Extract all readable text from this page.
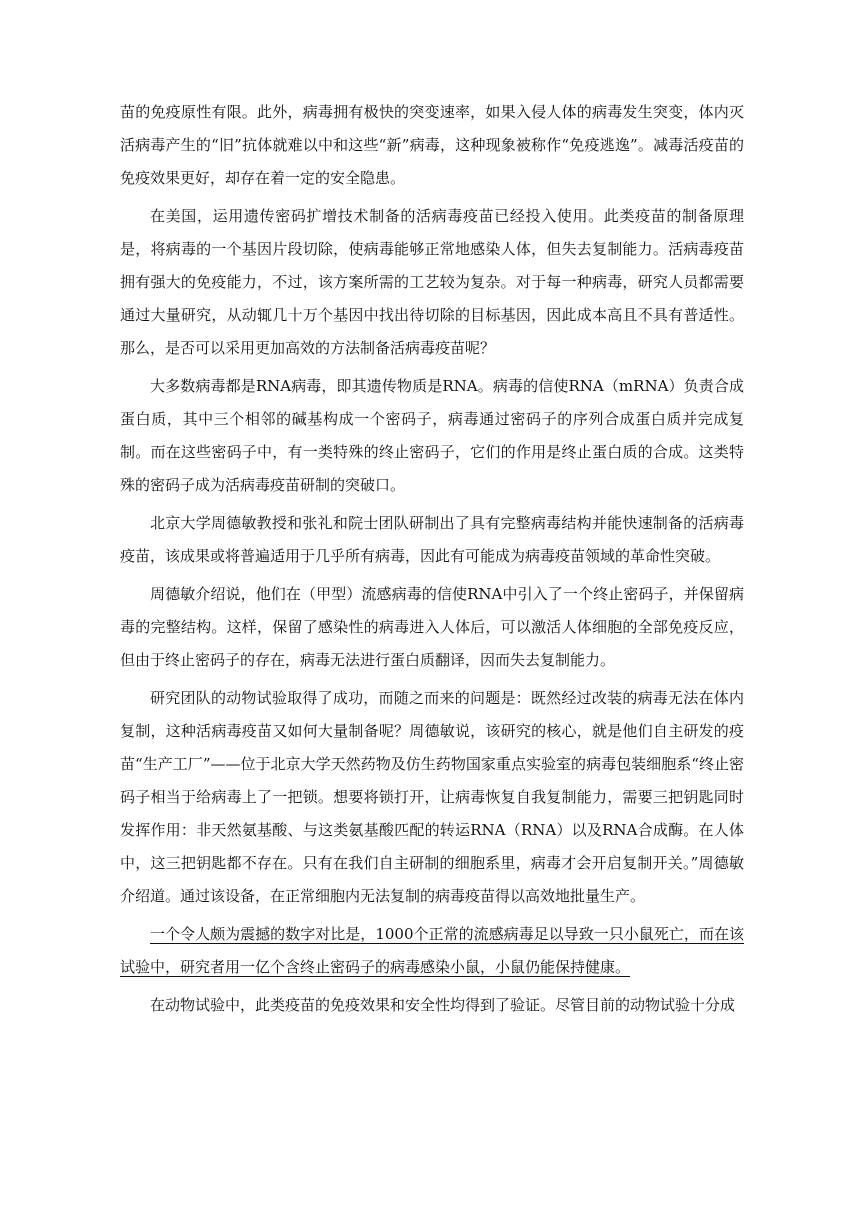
苗的免疫原性有限。此外，病毒拥有极快的突变速率，如果入侵人体的病毒发生突变，体内灭活病毒产生的“旧”抗体就难以中和这些“新”病毒，这种现象被称作“免疫逃逸”。减毒活疫苗的免疫效果更好，却存在着一定的安全隐患。

在美国，运用遗传密码扩增技术制备的活病毒疫苗已经投入使用。此类疫苗的制备原理是，将病毒的一个基因片段切除，使病毒能够正常地感染人体，但失去复制能力。活病毒疫苗拥有强大的免疫能力，不过，该方案所需的工艺较为复杂。对于每一种病毒，研究人员都需要通过大量研究，从动辄几十万个基因中找出待切除的目标基因，因此成本高且不具有普适性。那么，是否可以采用更加高效的方法制备活病毒疫苗呢？

大多数病毒都是RNA病毒，即其遗传物质是RNA。病毒的信使RNA（mRNA）负责合成蛋白质，其中三个相邻的碱基构成一个密码子，病毒通过密码子的序列合成蛋白质并完成复制。而在这些密码子中，有一类特殊的终止密码子，它们的作用是终止蛋白质的合成。这类特殊的密码子成为活病毒疫苗研制的突破口。

北京大学周德敏教授和张礼和院士团队研制出了具有完整病毒结构并能快速制备的活病毒疫苗，该成果或将普遍适用于几乎所有病毒，因此有可能成为病毒疫苗领域的革命性突破。

周德敏介绍说，他们在（甲型）流感病毒的信使RNA中引入了一个终止密码子，并保留病毒的完整结构。这样，保留了感染性的病毒进入人体后，可以激活人体细胞的全部免疫反应，但由于终止密码子的存在，病毒无法进行蛋白质翻译，因而失去复制能力。

研究团队的动物试验取得了成功，而随之而来的问题是：既然经过改装的病毒无法在体内复制，这种活病毒疫苗又如何大量制备呢？周德敏说，该研究的核心，就是他们自主研发的疫苗“生产工厂”——位于北京大学天然药物及仿生药物国家重点实验室的病毒包装细胞系“终止密码子相当于给病毒上了一把锁。想要将锁打开，让病毒恢复自我复制能力，需要三把钥匙同时发挥作用：非天然氨基酸、与这类氨基酸匹配的转运RNA（RNA）以及RNA合成酶。在人体中，这三把钥匙都不存在。只有在我们自主研制的细胞系里，病毒才会开启复制开关。”周德敏介绍道。通过该设备，在正常细胞内无法复制的病毒疫苗得以高效地批量生产。

一个令人颇为震撼的数字对比是，1000个正常的流感病毒足以导致一只小鼠死亡，而在该试验中，研究者用一亿个含终止密码子的病毒感染小鼠，小鼠仍能保持健康。

在动物试验中，此类疫苗的免疫效果和安全性均得到了验证。尽管目前的动物试验十分成
